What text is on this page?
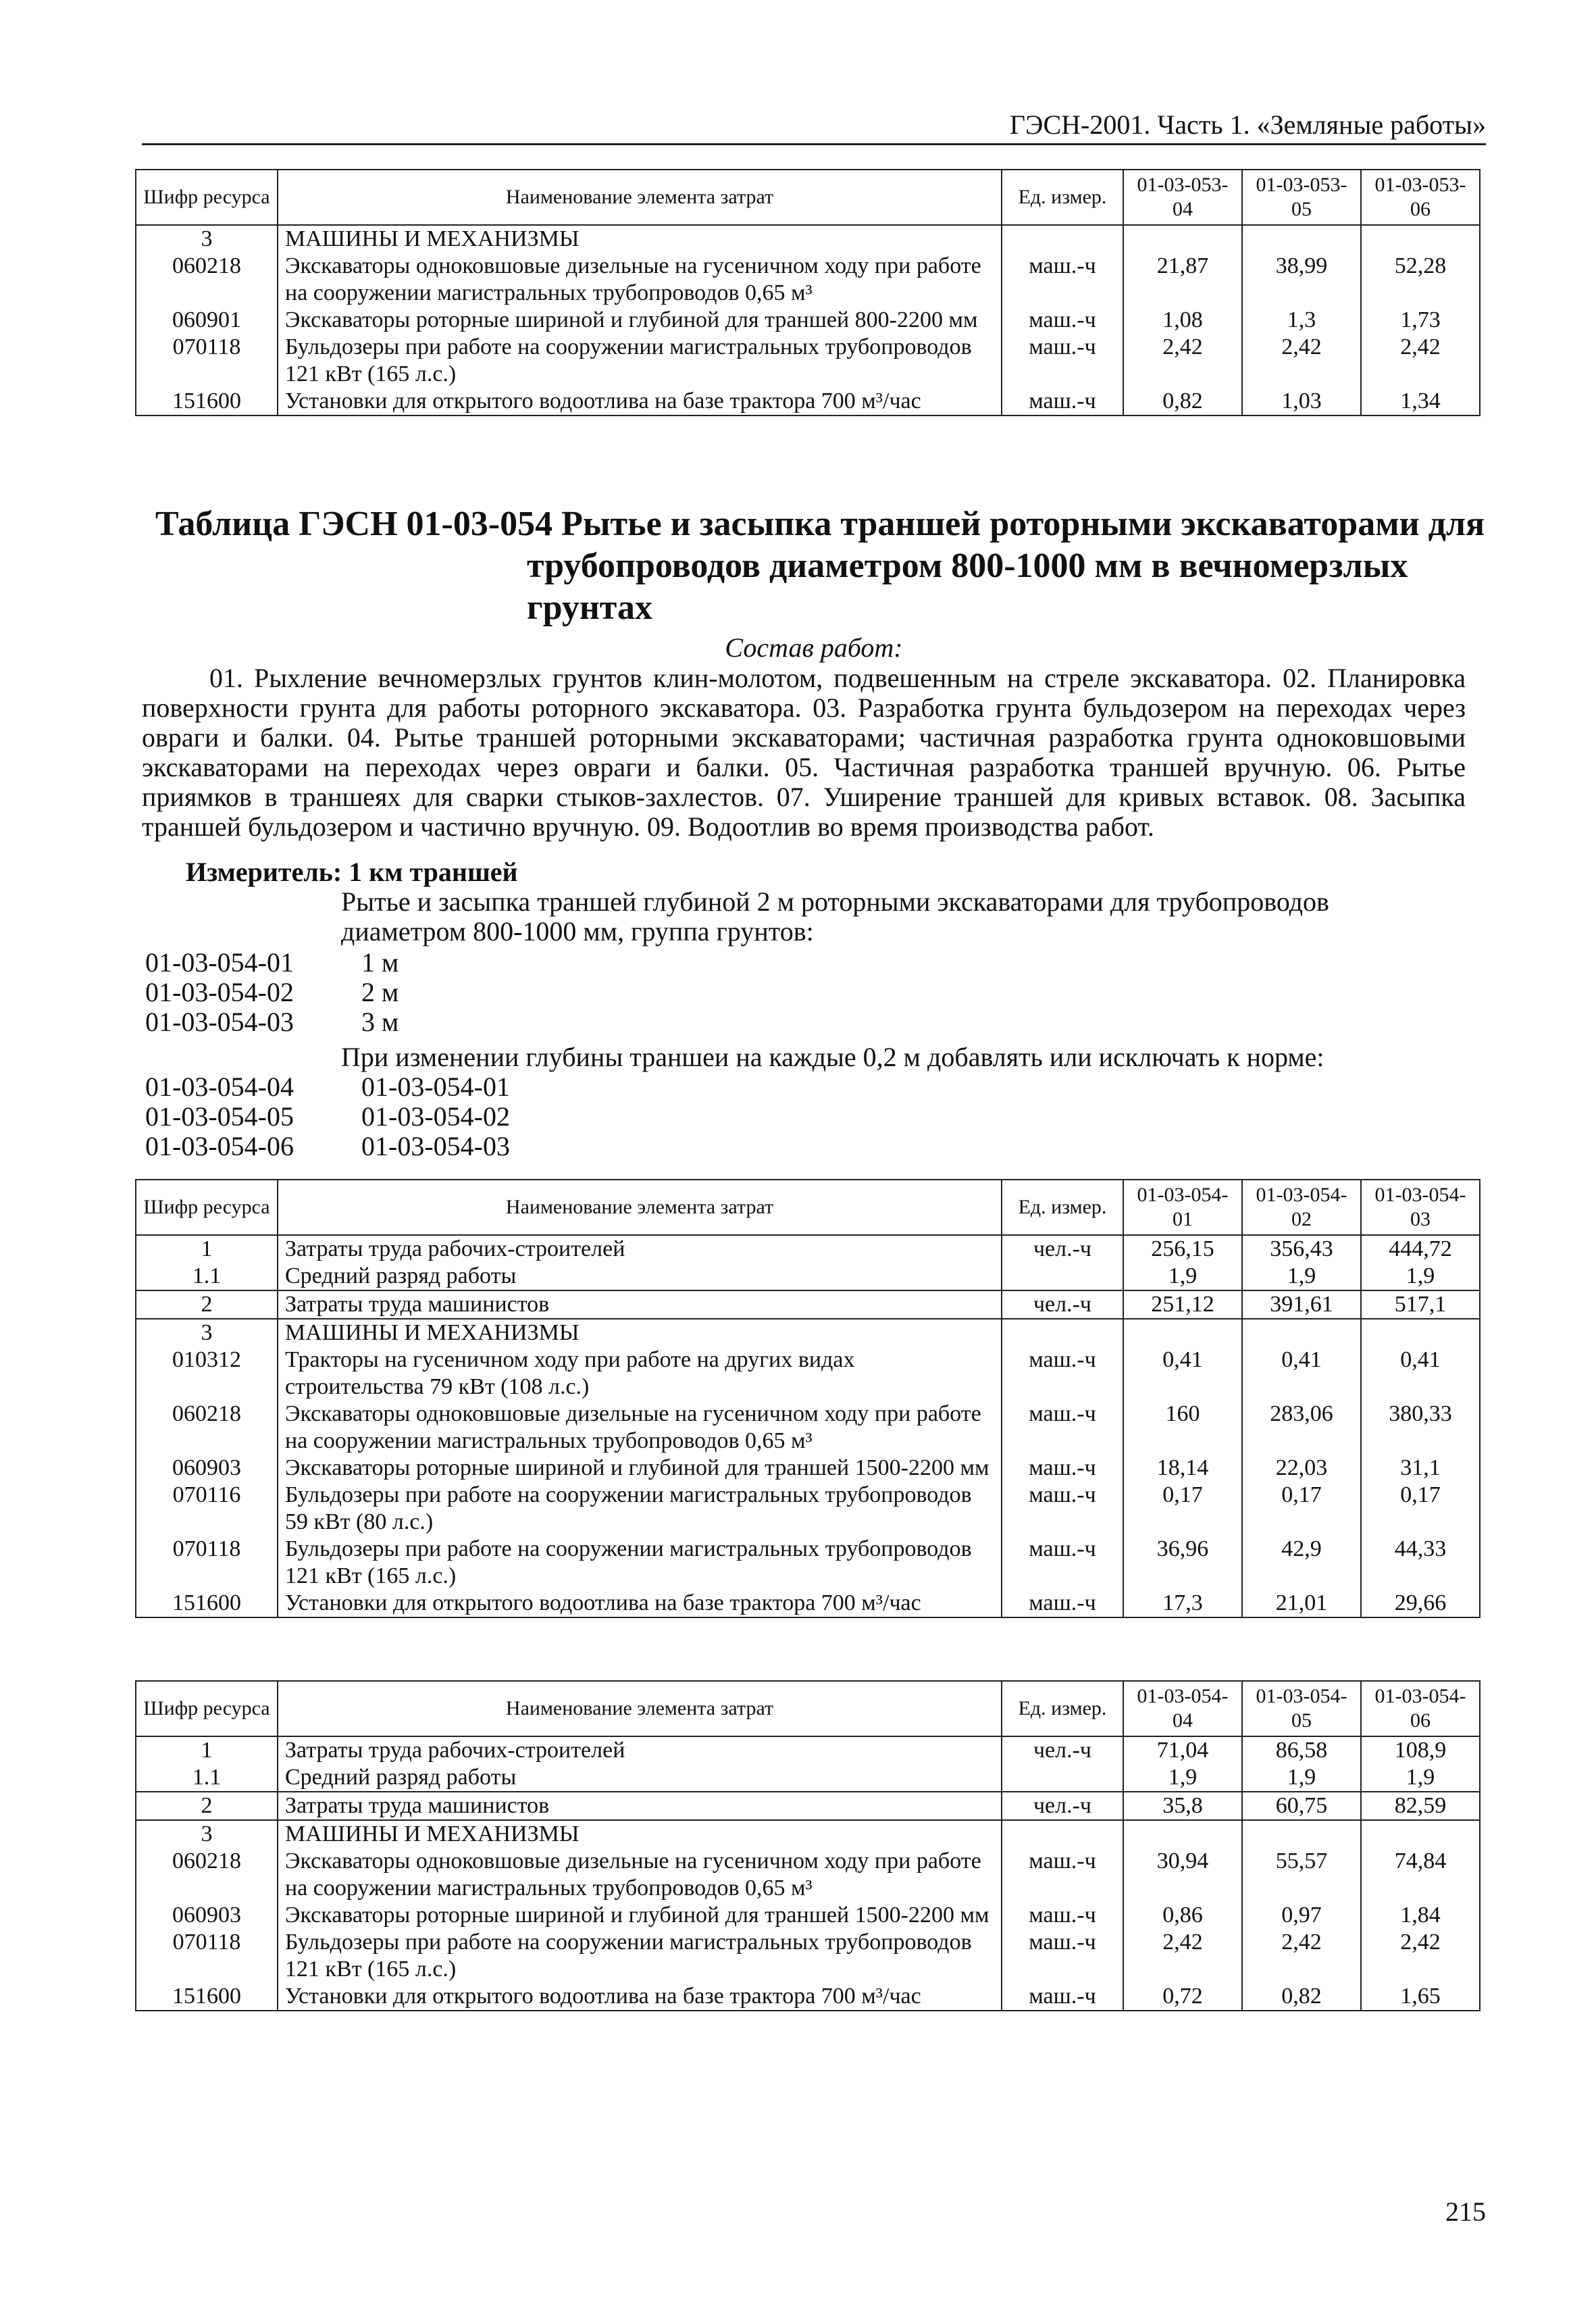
ГЭСН-2001. Часть 1. «Земляные работы»
Шифр ресурса	Наименование элемента затрат	Ед. измер.	01-03-053-04	01-03-053-05	01-03-053-06
3	МАШИНЫ И МЕХАНИЗМЫ				
060218	Экскаваторы одноковшовые дизельные на гусеничном ходу при работе на сооружении магистральных трубопроводов 0,65 м³	маш.-ч	21,87	38,99	52,28
060901	Экскаваторы роторные шириной и глубиной для траншей 800-2200 мм	маш.-ч	1,08	1,3	1,73
070118	Бульдозеры при работе на сооружении магистральных трубопроводов 121 кВт (165 л.с.)	маш.-ч	2,42	2,42	2,42
151600	Установки для открытого водоотлива на базе трактора 700 м³/час	маш.-ч	0,82	1,03	1,34
Таблица ГЭСН 01-03-054 Рытье и засыпка траншей роторными экскаваторами для
трубопроводов диаметром 800-1000 мм в вечномерзлых
грунтах
Состав работ:
01. Рыхление вечномерзлых грунтов клин-молотом, подвешенным на стреле экскаватора. 02. Планировка поверхности грунта для работы роторного экскаватора. 03. Разработка грунта бульдозером на переходах через овраги и балки. 04. Рытье траншей роторными экскаваторами; частичная разработка грунта одноковшовыми экскаваторами на переходах через овраги и балки. 05. Частичная разработка траншей вручную. 06. Рытье приямков в траншеях для сварки стыков-захлестов. 07. Уширение траншей для кривых вставок. 08. Засыпка траншей бульдозером и частично вручную. 09. Водоотлив во время производства работ.
Измеритель: 1 км траншей
Рытье и засыпка траншей глубиной 2 м роторными экскаваторами для трубопроводов диаметром 800-1000 мм, группа грунтов:
01-03-054-01	1 м
01-03-054-02	2 м
01-03-054-03	3 м
При изменении глубины траншеи на каждые 0,2 м добавлять или исключать к норме:
01-03-054-04	01-03-054-01
01-03-054-05	01-03-054-02
01-03-054-06	01-03-054-03
Шифр ресурса	Наименование элемента затрат	Ед. измер.	01-03-054-01	01-03-054-02	01-03-054-03
1	Затраты труда рабочих-строителей	чел.-ч	256,15	356,43	444,72
1.1	Средний разряд работы		1,9	1,9	1,9
2	Затраты труда машинистов	чел.-ч	251,12	391,61	517,1
3	МАШИНЫ И МЕХАНИЗМЫ				
010312	Тракторы на гусеничном ходу при работе на других видах строительства 79 кВт (108 л.с.)	маш.-ч	0,41	0,41	0,41
060218	Экскаваторы одноковшовые дизельные на гусеничном ходу при работе на сооружении магистральных трубопроводов 0,65 м³	маш.-ч	160	283,06	380,33
060903	Экскаваторы роторные шириной и глубиной для траншей 1500-2200 мм	маш.-ч	18,14	22,03	31,1
070116	Бульдозеры при работе на сооружении магистральных трубопроводов 59 кВт (80 л.с.)	маш.-ч	0,17	0,17	0,17
070118	Бульдозеры при работе на сооружении магистральных трубопроводов 121 кВт (165 л.с.)	маш.-ч	36,96	42,9	44,33
151600	Установки для открытого водоотлива на базе трактора 700 м³/час	маш.-ч	17,3	21,01	29,66
Шифр ресурса	Наименование элемента затрат	Ед. измер.	01-03-054-04	01-03-054-05	01-03-054-06
1	Затраты труда рабочих-строителей	чел.-ч	71,04	86,58	108,9
1.1	Средний разряд работы		1,9	1,9	1,9
2	Затраты труда машинистов	чел.-ч	35,8	60,75	82,59
3	МАШИНЫ И МЕХАНИЗМЫ				
060218	Экскаваторы одноковшовые дизельные на гусеничном ходу при работе на сооружении магистральных трубопроводов 0,65 м³	маш.-ч	30,94	55,57	74,84
060903	Экскаваторы роторные шириной и глубиной для траншей 1500-2200 мм	маш.-ч	0,86	0,97	1,84
070118	Бульдозеры при работе на сооружении магистральных трубопроводов 121 кВт (165 л.с.)	маш.-ч	2,42	2,42	2,42
151600	Установки для открытого водоотлива на базе трактора 700 м³/час	маш.-ч	0,72	0,82	1,65
215
